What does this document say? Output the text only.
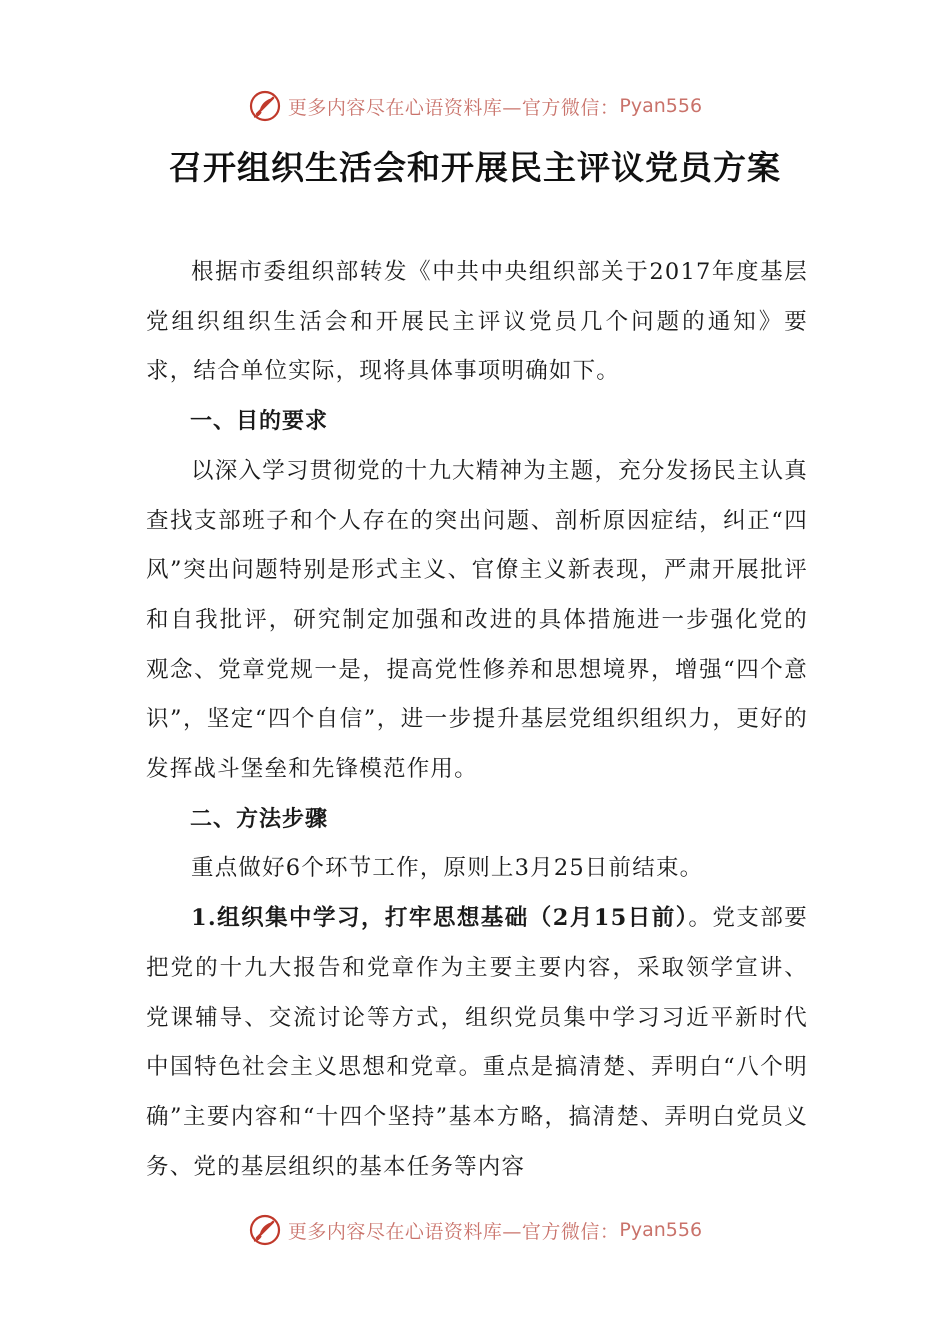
更多内容尽在心语资料库—官方微信： Pyan556
召开组织生活会和开展民主评议党员方案

根据市委组织部转发《中共中央组织部关于2017年度基层党组织组织生活会和开展民主评议党员几个问题的通知》要求，结合单位实际，现将具体事项明确如下。

一、目的要求

以深入学习贯彻党的十九大精神为主题，充分发扬民主认真查找支部班子和个人存在的突出问题、剖析原因症结，纠正“四风”突出问题特别是形式主义、官僚主义新表现，严肃开展批评和自我批评，研究制定加强和改进的具体措施进一步强化党的观念、党章党规一是，提高党性修养和思想境界，增强“四个意识”，坚定“四个自信”，进一步提升基层党组织组织力，更好的发挥战斗堡垒和先锋模范作用。

二、方法步骤

重点做好6个环节工作，原则上3月25日前结束。

1.组织集中学习，打牢思想基础（2月15日前）。党支部要把党的十九大报告和党章作为主要主要内容，采取领学宣讲、党课辅导、交流讨论等方式，组织党员集中学习习近平新时代中国特色社会主义思想和党章。重点是搞清楚、弄明白“八个明确”主要内容和“十四个坚持”基本方略，搞清楚、弄明白党员义务、党的基层组织的基本任务等内容

更多内容尽在心语资料库—官方微信： Pyan556
